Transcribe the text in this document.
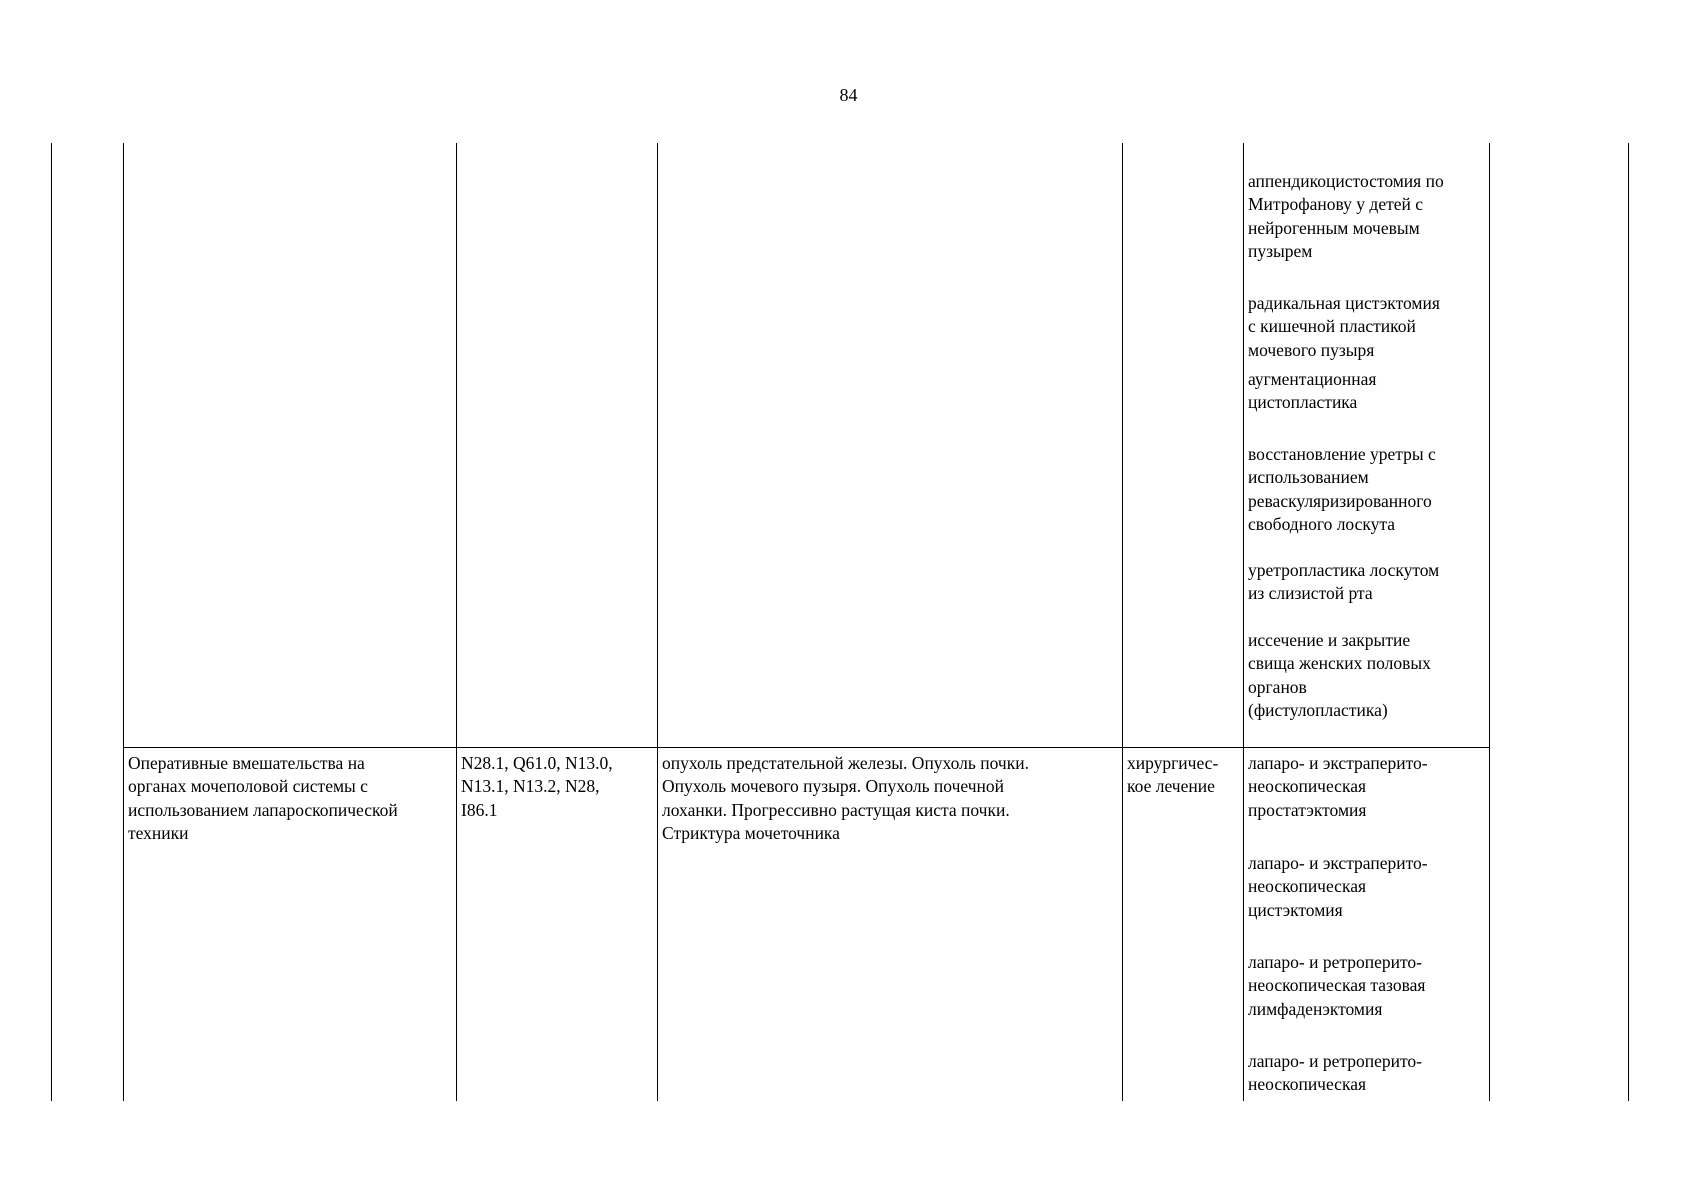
84
аппендикоцистостомия по
Митрофанову у детей с
нейрогенным мочевым
пузырем
радикальная цистэктомия
с кишечной пластикой
мочевого пузыря
аугментационная
цистопластика
восстановление уретры с
использованием
реваскуляризированного
свободного лоскута
уретропластика лоскутом
из слизистой рта
иссечение и закрытие
свища женских половых
органов
(фистулопластика)
Оперативные вмешательства на
органах мочеполовой системы с
использованием лапароскопической
техники
N28.1, Q61.0, N13.0,
N13.1, N13.2, N28,
I86.1
опухоль предстательной железы. Опухоль почки.
Опухоль мочевого пузыря. Опухоль почечной
лоханки. Прогрессивно растущая киста почки.
Стриктура мочеточника
хирургичес-
кое лечение
лапаро- и экстраперито-
неоскопическая
простатэктомия
лапаро- и экстраперито-
неоскопическая
цистэктомия
лапаро- и ретроперито-
неоскопическая тазовая
лимфаденэктомия
лапаро- и ретроперито-
неоскопическая
